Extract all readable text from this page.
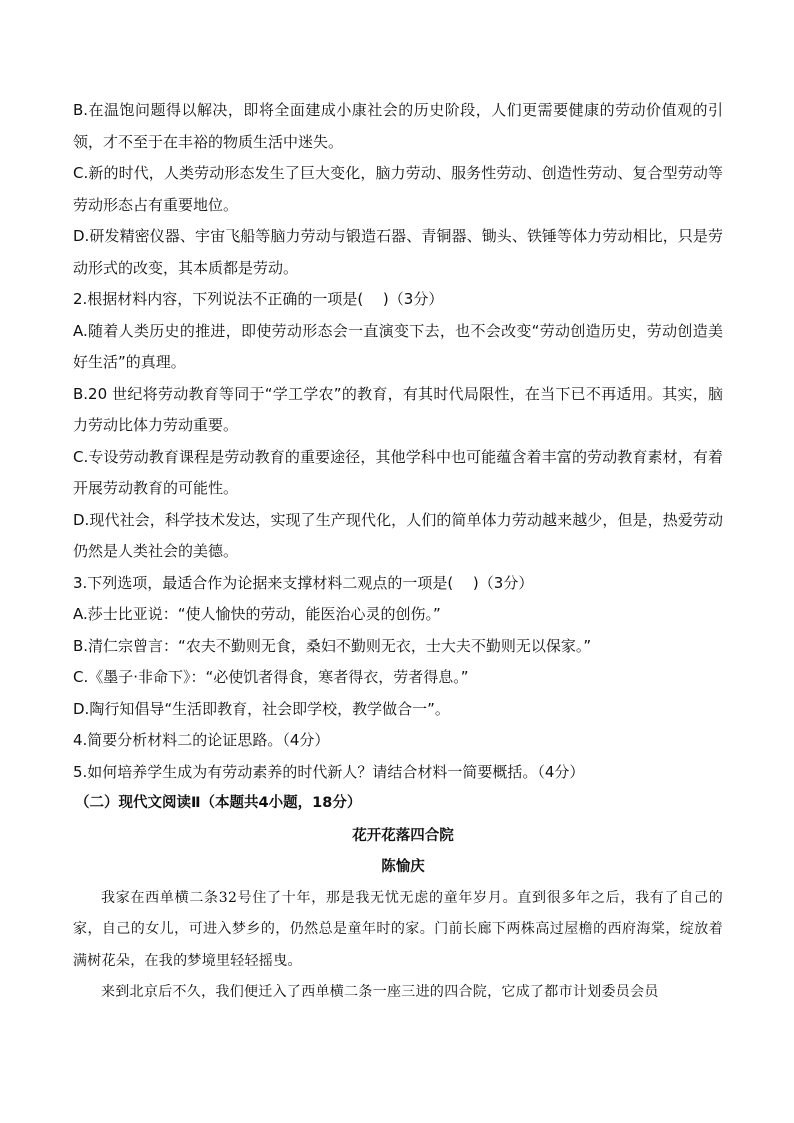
B.在温饱问题得以解决，即将全面建成小康社会的历史阶段，人们更需要健康的劳动价值观的引领，才不至于在丰裕的物质生活中迷失。

C.新的时代，人类劳动形态发生了巨大变化，脑力劳动、服务性劳动、创造性劳动、复合型劳动等劳动形态占有重要地位。

D.研发精密仪器、宇宙飞船等脑力劳动与锻造石器、青铜器、锄头、铁锤等体力劳动相比，只是劳动形式的改变，其本质都是劳动。

2.根据材料内容，下列说法不正确的一项是(　 )（3分）

A.随着人类历史的推进，即使劳动形态会一直演变下去，也不会改变“劳动创造历史，劳动创造美好生活”的真理。

B.20 世纪将劳动教育等同于“学工学农”的教育，有其时代局限性，在当下已不再适用。其实，脑力劳动比体力劳动重要。

C.专设劳动教育课程是劳动教育的重要途径，其他学科中也可能蕴含着丰富的劳动教育素材，有着开展劳动教育的可能性。

D.现代社会，科学技术发达，实现了生产现代化，人们的简单体力劳动越来越少，但是，热爱劳动仍然是人类社会的美德。

3.下列选项，最适合作为论据来支撑材料二观点的一项是(　 )（3分）

A.莎士比亚说：“使人愉快的劳动，能医治心灵的创伤。”

B.清仁宗曾言：“农夫不勤则无食，桑妇不勤则无衣，士大夫不勤则无以保家。”

C.《墨子·非命下》：“必使饥者得食，寒者得衣，劳者得息。”

D.陶行知倡导“生活即教育，社会即学校，教学做合一”。

4.简要分析材料二的论证思路。（4分）

5.如何培养学生成为有劳动素养的时代新人？请结合材料一简要概括。（4分）

（二）现代文阅读Ⅱ（本题共4小题，18分）

花开花落四合院

陈愉庆

我家在西单横二条32号住了十年，那是我无忧无虑的童年岁月。直到很多年之后，我有了自己的家，自己的女儿，可进入梦乡的，仍然总是童年时的家。门前长廊下两株高过屋檐的西府海棠，绽放着满树花朵，在我的梦境里轻轻摇曳。

来到北京后不久，我们便迁入了西单横二条一座三进的四合院，它成了都市计划委员会员
